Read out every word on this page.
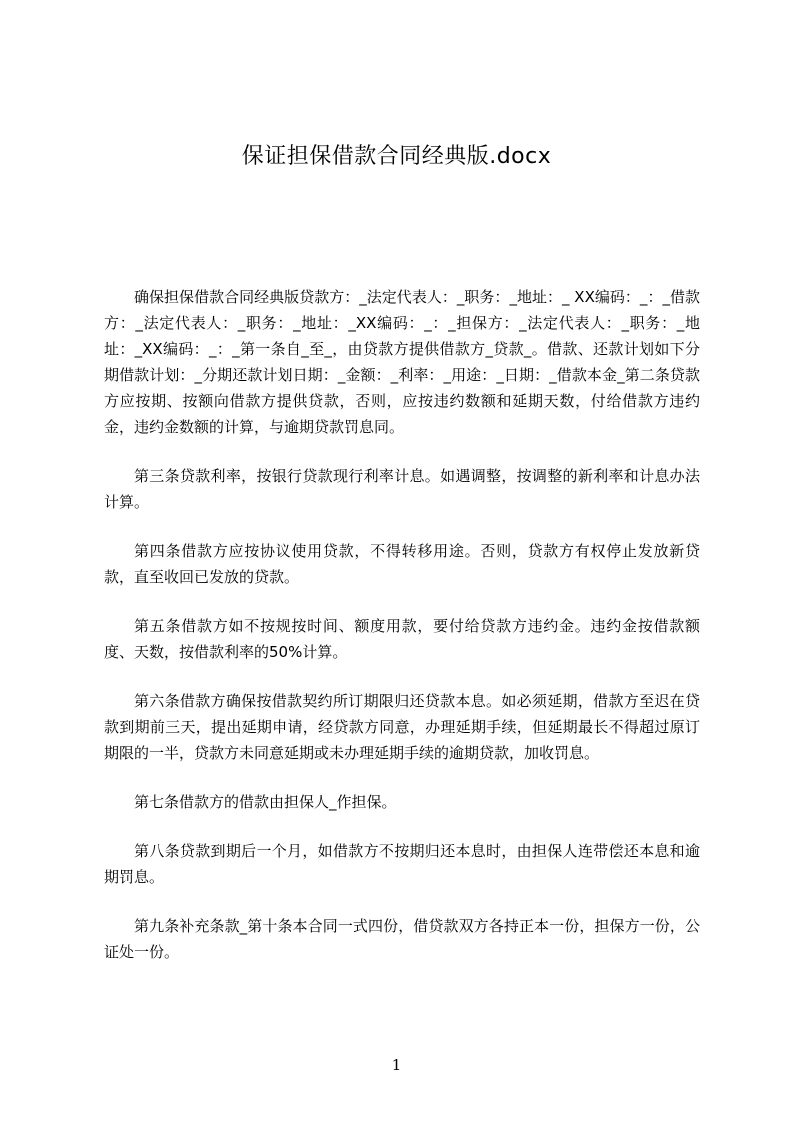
保证担保借款合同经典版.docx

确保担保借款合同经典版贷款方：_法定代表人：_职务：_地址：_ XX编码：_：_借款方：_法定代表人：_职务：_地址：_XX编码：_：_担保方：_法定代表人：_职务：_地址：_XX编码：_：_第一条自_至_，由贷款方提供借款方_贷款_。借款、还款计划如下分期借款计划：_分期还款计划日期：_金额：_利率：_用途：_日期：_借款本金_第二条贷款方应按期、按额向借款方提供贷款，否则，应按违约数额和延期天数，付给借款方违约金，违约金数额的计算，与逾期贷款罚息同。

第三条贷款利率，按银行贷款现行利率计息。如遇调整，按调整的新利率和计息办法计算。

第四条借款方应按协议使用贷款，不得转移用途。否则，贷款方有权停止发放新贷款，直至收回已发放的贷款。

第五条借款方如不按规按时间、额度用款，要付给贷款方违约金。违约金按借款额度、天数，按借款利率的50%计算。

第六条借款方确保按借款契约所订期限归还贷款本息。如必须延期，借款方至迟在贷款到期前三天，提出延期申请，经贷款方同意，办理延期手续，但延期最长不得超过原订期限的一半，贷款方未同意延期或未办理延期手续的逾期贷款，加收罚息。

第七条借款方的借款由担保人_作担保。

第八条贷款到期后一个月，如借款方不按期归还本息时，由担保人连带偿还本息和逾期罚息。

第九条补充条款_第十条本合同一式四份，借贷款双方各持正本一份，担保方一份，公证处一份。

1
